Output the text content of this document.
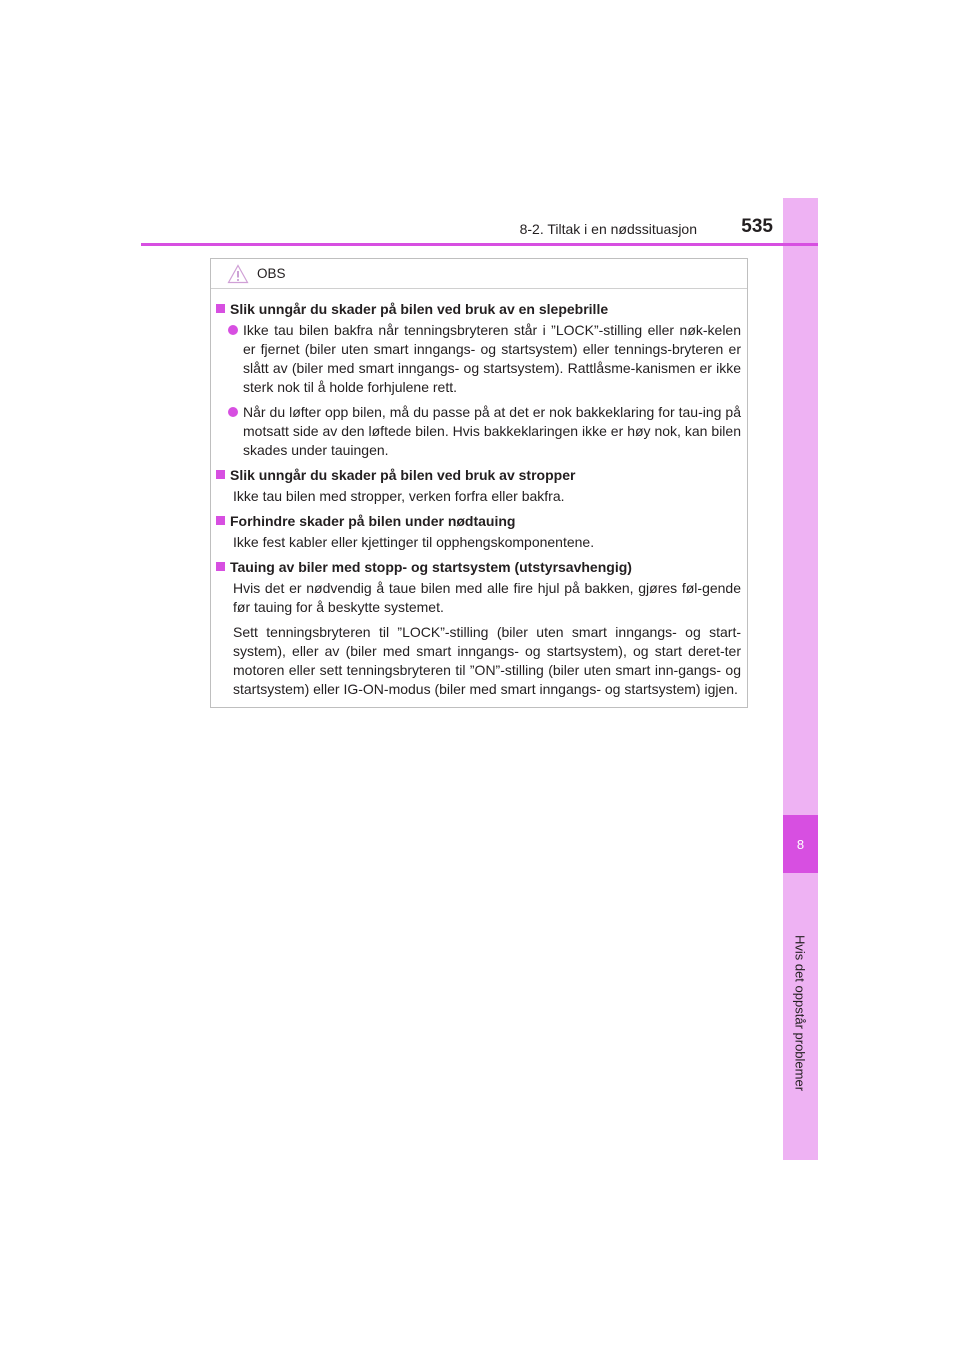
8
Hvis det oppstår problemer
8-2. Tiltak i en nødssituasjon 535
OBS
Slik unngår du skader på bilen ved bruk av en slepebrille
Ikke tau bilen bakfra når tenningsbryteren står i ”LOCK”-stilling eller nøk-kelen er fjernet (biler uten smart inngangs- og startsystem) eller tennings-bryteren er slått av (biler med smart inngangs- og startsystem). Rattlåsme-kanismen er ikke sterk nok til å holde forhjulene rett.
Når du løfter opp bilen, må du passe på at det er nok bakkeklaring for tau-ing på motsatt side av den løftede bilen. Hvis bakkeklaringen ikke er høy nok, kan bilen skades under tauingen.
Slik unngår du skader på bilen ved bruk av stropper
Ikke tau bilen med stropper, verken forfra eller bakfra.
Forhindre skader på bilen under nødtauing
Ikke fest kabler eller kjettinger til opphengskomponentene.
Tauing av biler med stopp- og startsystem (utstyrsavhengig)
Hvis det er nødvendig å taue bilen med alle fire hjul på bakken, gjøres føl-gende før tauing for å beskytte systemet.
Sett tenningsbryteren til ”LOCK”-stilling (biler uten smart inngangs- og start-system), eller av (biler med smart inngangs- og startsystem), og start deret-ter motoren eller sett tenningsbryteren til ”ON”-stilling (biler uten smart inn-gangs- og startsystem) eller IG-ON-modus (biler med smart inngangs- og startsystem) igjen.
